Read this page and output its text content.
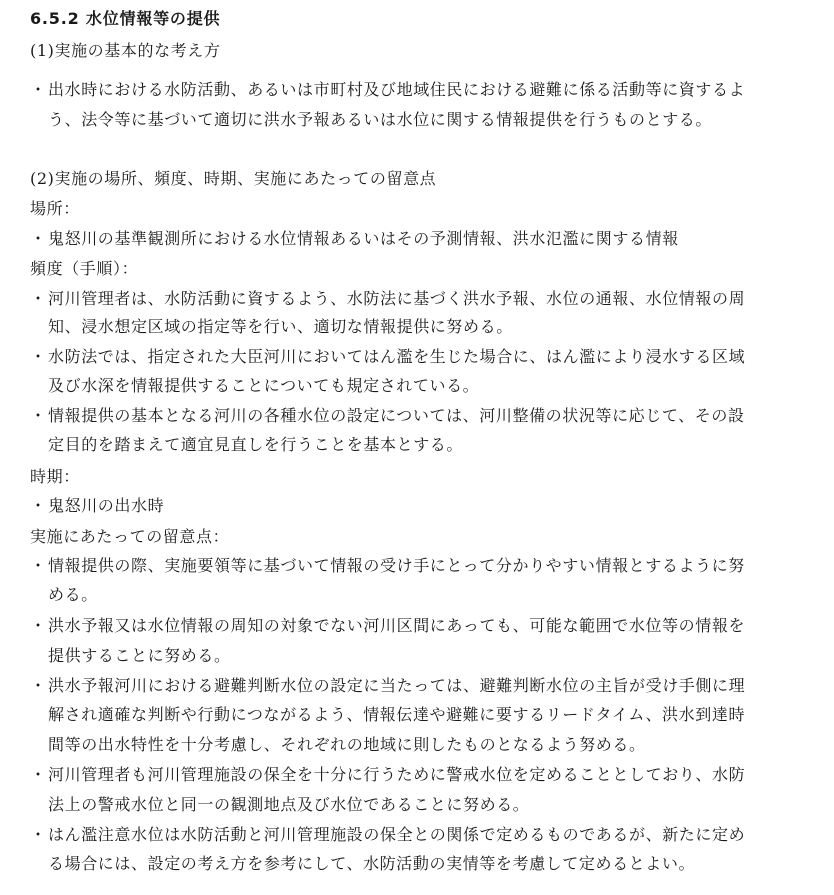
6.5.2 水位情報等の提供
(1)実施の基本的な考え方
・出水時における水防活動、あるいは市町村及び地域住民における避難に係る活動等に資するよ
う、法令等に基づいて適切に洪水予報あるいは水位に関する情報提供を行うものとする。
(2)実施の場所、頻度、時期、実施にあたっての留意点
場所：
・鬼怒川の基準観測所における水位情報あるいはその予測情報、洪水氾濫に関する情報
頻度（手順）：
・河川管理者は、水防活動に資するよう、水防法に基づく洪水予報、水位の通報、水位情報の周
知、浸水想定区域の指定等を行い、適切な情報提供に努める。
・水防法では、指定された大臣河川においてはん濫を生じた場合に、はん濫により浸水する区域
及び水深を情報提供することについても規定されている。
・情報提供の基本となる河川の各種水位の設定については、河川整備の状況等に応じて、その設
定目的を踏まえて適宜見直しを行うことを基本とする。
時期：
・鬼怒川の出水時
実施にあたっての留意点：
・情報提供の際、実施要領等に基づいて情報の受け手にとって分かりやすい情報とするように努
める。
・洪水予報又は水位情報の周知の対象でない河川区間にあっても、可能な範囲で水位等の情報を
提供することに努める。
・洪水予報河川における避難判断水位の設定に当たっては、避難判断水位の主旨が受け手側に理
解され適確な判断や行動につながるよう、情報伝達や避難に要するリードタイム、洪水到達時
間等の出水特性を十分考慮し、それぞれの地域に則したものとなるよう努める。
・河川管理者も河川管理施設の保全を十分に行うために警戒水位を定めることとしており、水防
法上の警戒水位と同一の観測地点及び水位であることに努める。
・はん濫注意水位は水防活動と河川管理施設の保全との関係で定めるものであるが、新たに定め
る場合には、設定の考え方を参考にして、水防活動の実情等を考慮して定めるとよい。
